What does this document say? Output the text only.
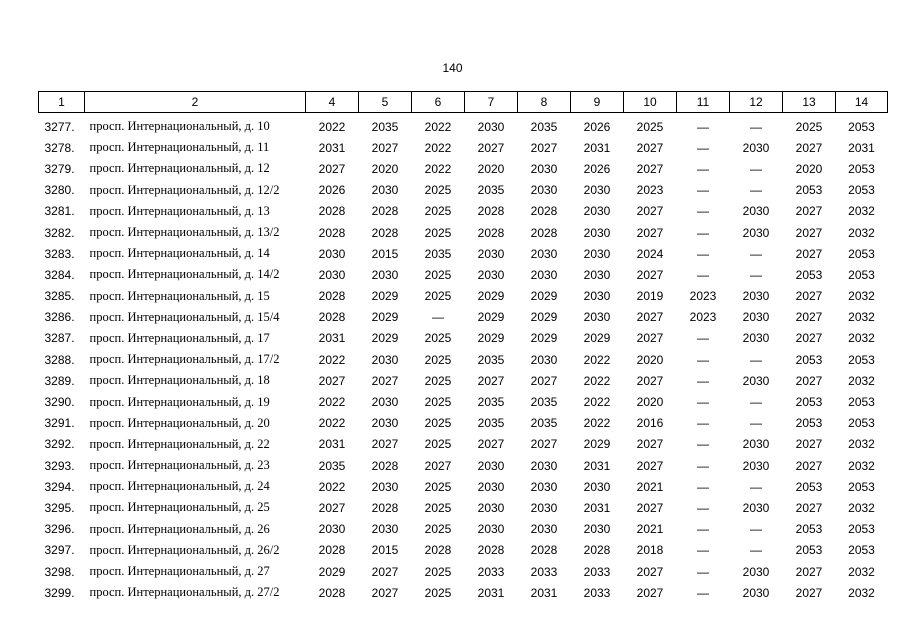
140
1	2	4	5	6	7	8	9	10	11	12	13	14
3277.	просп. Интернациональный, д. 10	2022	2035	2022	2030	2035	2026	2025	—	—	2025	2053
3278.	просп. Интернациональный, д. 11	2031	2027	2022	2027	2027	2031	2027	—	2030	2027	2031
3279.	просп. Интернациональный, д. 12	2027	2020	2022	2020	2030	2026	2027	—	—	2020	2053
3280.	просп. Интернациональный, д. 12/2	2026	2030	2025	2035	2030	2030	2023	—	—	2053	2053
3281.	просп. Интернациональный, д. 13	2028	2028	2025	2028	2028	2030	2027	—	2030	2027	2032
3282.	просп. Интернациональный, д. 13/2	2028	2028	2025	2028	2028	2030	2027	—	2030	2027	2032
3283.	просп. Интернациональный, д. 14	2030	2015	2035	2030	2030	2030	2024	—	—	2027	2053
3284.	просп. Интернациональный, д. 14/2	2030	2030	2025	2030	2030	2030	2027	—	—	2053	2053
3285.	просп. Интернациональный, д. 15	2028	2029	2025	2029	2029	2030	2019	2023	2030	2027	2032
3286.	просп. Интернациональный, д. 15/4	2028	2029	—	2029	2029	2030	2027	2023	2030	2027	2032
3287.	просп. Интернациональный, д. 17	2031	2029	2025	2029	2029	2029	2027	—	2030	2027	2032
3288.	просп. Интернациональный, д. 17/2	2022	2030	2025	2035	2030	2022	2020	—	—	2053	2053
3289.	просп. Интернациональный, д. 18	2027	2027	2025	2027	2027	2022	2027	—	2030	2027	2032
3290.	просп. Интернациональный, д. 19	2022	2030	2025	2035	2035	2022	2020	—	—	2053	2053
3291.	просп. Интернациональный, д. 20	2022	2030	2025	2035	2035	2022	2016	—	—	2053	2053
3292.	просп. Интернациональный, д. 22	2031	2027	2025	2027	2027	2029	2027	—	2030	2027	2032
3293.	просп. Интернациональный, д. 23	2035	2028	2027	2030	2030	2031	2027	—	2030	2027	2032
3294.	просп. Интернациональный, д. 24	2022	2030	2025	2030	2030	2030	2021	—	—	2053	2053
3295.	просп. Интернациональный, д. 25	2027	2028	2025	2030	2030	2031	2027	—	2030	2027	2032
3296.	просп. Интернациональный, д. 26	2030	2030	2025	2030	2030	2030	2021	—	—	2053	2053
3297.	просп. Интернациональный, д. 26/2	2028	2015	2028	2028	2028	2028	2018	—	—	2053	2053
3298.	просп. Интернациональный, д. 27	2029	2027	2025	2033	2033	2033	2027	—	2030	2027	2032
3299.	просп. Интернациональный, д. 27/2	2028	2027	2025	2031	2031	2033	2027	—	2030	2027	2032
